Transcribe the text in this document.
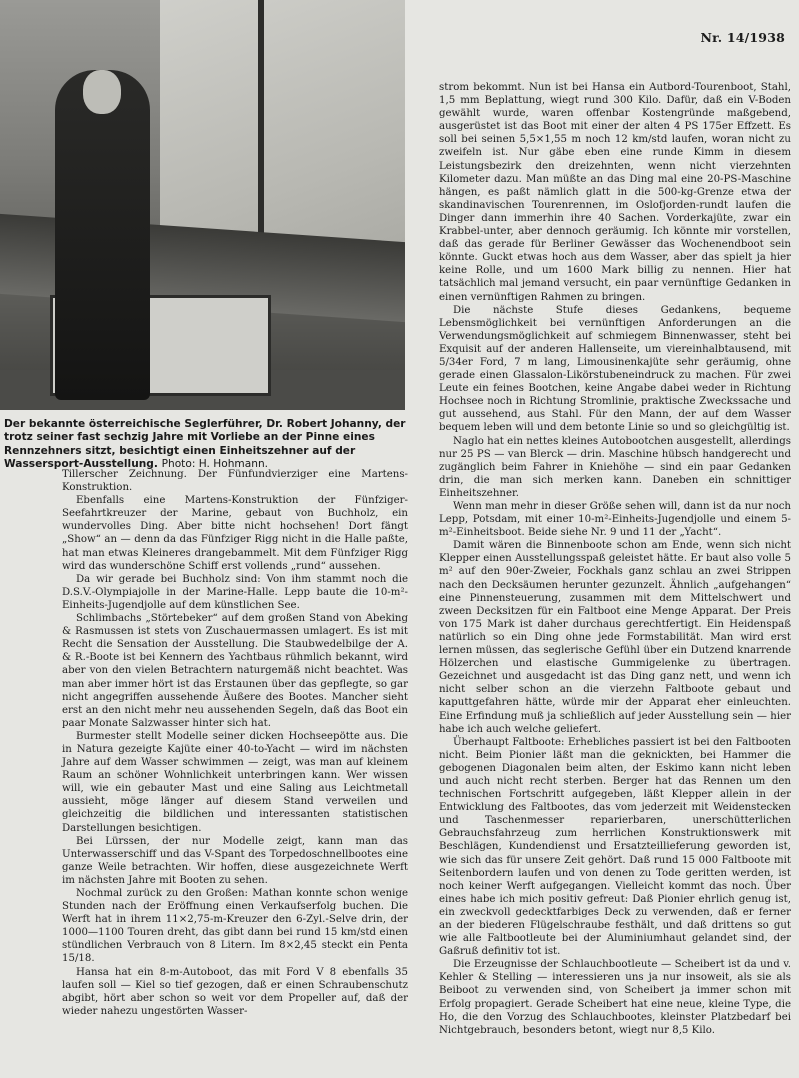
Nr. 14/1938
Der bekannte österreichische Seglerführer, Dr. Robert Johanny, der trotz seiner fast sechzig Jahre mit Vorliebe an der Pinne eines Rennzehners sitzt, besichtigt einen Einheitszehner auf der Wassersport-Ausstellung. Photo: H. Hohmann.

Tillerscher Zeichnung. Der Fünfundvierziger eine Martens-Konstruktion.

Ebenfalls eine Martens-Konstruktion der Fünfziger-Seefahrtkreuzer der Marine, gebaut von Buchholz, ein wundervolles Ding. Aber bitte nicht hochsehen! Dort fängt „Show“ an — denn da das Fünfziger Rigg nicht in die Halle paßte, hat man etwas Kleineres drangebammelt. Mit dem Fünfziger Rigg wird das wunderschöne Schiff erst vollends „rund“ aussehen.

Da wir gerade bei Buchholz sind: Von ihm stammt noch die D.S.V.-Olympiajolle in der Marine-Halle. Lepp baute die 10-m²-Einheits-Jugendjolle auf dem künstlichen See.

Schlimbachs „Störtebeker“ auf dem großen Stand von Abeking & Rasmussen ist stets von Zuschauermassen umlagert. Es ist mit Recht die Sensation der Ausstellung. Die Staubwedelbilge der A. & R.-Boote ist bei Kennern des Yachtbaus rühmlich bekannt, wird aber von den vielen Betrachtern naturgemäß nicht beachtet. Was man aber immer hört ist das Erstaunen über das gepflegte, so gar nicht angegriffen aussehende Äußere des Bootes. Mancher sieht erst an den nicht mehr neu aussehenden Segeln, daß das Boot ein paar Monate Salzwasser hinter sich hat.

Burmester stellt Modelle seiner dicken Hochseepötte aus. Die in Natura gezeigte Kajüte einer 40-to-Yacht — wird im nächsten Jahre auf dem Wasser schwimmen — zeigt, was man auf kleinem Raum an schöner Wohnlichkeit unterbringen kann. Wer wissen will, wie ein gebauter Mast und eine Saling aus Leichtmetall aussieht, möge länger auf diesem Stand verweilen und gleichzeitig die bildlichen und interessanten statistischen Darstellungen besichtigen.

Bei Lürssen, der nur Modelle zeigt, kann man das Unterwasserschiff und das V-Spant des Torpedoschnellbootes eine ganze Weile betrachten. Wir hoffen, diese ausgezeichnete Werft im nächsten Jahre mit Booten zu sehen.

Nochmal zurück zu den Großen: Mathan konnte schon wenige Stunden nach der Eröffnung einen Verkaufserfolg buchen. Die Werft hat in ihrem 11×2,75-m-Kreuzer den 6-Zyl.-Selve drin, der 1000—1100 Touren dreht, das gibt dann bei rund 15 km/std einen stündlichen Verbrauch von 8 Litern. Im 8×2,45 steckt ein Penta 15/18.

Hansa hat ein 8-m-Autoboot, das mit Ford V 8 ebenfalls 35 laufen soll — Kiel so tief gezogen, daß er einen Schraubenschutz abgibt, hört aber schon so weit vor dem Propeller auf, daß der wieder nahezu ungestörten Wasser-

strom bekommt. Nun ist bei Hansa ein Autbord-Tourenboot, Stahl, 1,5 mm Beplattung, wiegt rund 300 Kilo. Dafür, daß ein V-Boden gewählt wurde, waren offenbar Kostengründe maßgebend, ausgerüstet ist das Boot mit einer der alten 4 PS 175er Effzett. Es soll bei seinen 5,5×1,55 m noch 12 km/std laufen, woran nicht zu zweifeln ist. Nur gäbe eben eine runde Kimm in diesem Leistungsbezirk den dreizehnten, wenn nicht vierzehnten Kilometer dazu. Man müßte an das Ding mal eine 20-PS-Maschine hängen, es paßt nämlich glatt in die 500-kg-Grenze etwa der skandinavischen Tourenrennen, im Oslofjorden-rundt laufen die Dinger dann immerhin ihre 40 Sachen. Vorderkajüte, zwar ein Krabbel-unter, aber dennoch geräumig. Ich könnte mir vorstellen, daß das gerade für Berliner Gewässer das Wochenendboot sein könnte. Guckt etwas hoch aus dem Wasser, aber das spielt ja hier keine Rolle, und um 1600 Mark billig zu nennen. Hier hat tatsächlich mal jemand versucht, ein paar vernünftige Gedanken in einen vernünftigen Rahmen zu bringen.

Die nächste Stufe dieses Gedankens, bequeme Lebensmöglichkeit bei vernünftigen Anforderungen an die Verwendungsmöglichkeit auf schmiegem Binnenwasser, steht bei Exquisit auf der anderen Hallenseite, um viereinhalbtausend, mit 5/34er Ford, 7 m lang, Limousinenkajüte sehr geräumig, ohne gerade einen Glassalon-Likörstubeneindruck zu machen. Für zwei Leute ein feines Bootchen, keine Angabe dabei weder in Richtung Hochsee noch in Richtung Stromlinie, praktische Zweckssache und gut aussehend, aus Stahl. Für den Mann, der auf dem Wasser bequem leben will und dem betonte Linie so und so gleichgültig ist.

Naglo hat ein nettes kleines Autobootchen ausgestellt, allerdings nur 25 PS — van Blerck — drin. Maschine hübsch handgerecht und zugänglich beim Fahrer in Kniehöhe — sind ein paar Gedanken drin, die man sich merken kann. Daneben ein schnittiger Einheitszehner.

Wenn man mehr in dieser Größe sehen will, dann ist da nur noch Lepp, Potsdam, mit einer 10-m²-Einheits-Jugendjolle und einem 5-m²-Einheitsboot. Beide siehe Nr. 9 und 11 der „Yacht“.

Damit wären die Binnenboote schon am Ende, wenn sich nicht Klepper einen Ausstellungsspaß geleistet hätte. Er baut also volle 5 m² auf den 90er-Zweier, Fockhals ganz schlau an zwei Strippen nach den Decksäumen herunter gezunzelt. Ähnlich „aufgehangen“ eine Pinnensteuerung, zusammen mit dem Mittelschwert und zween Decksitzen für ein Faltboot eine Menge Apparat. Der Preis von 175 Mark ist daher durchaus gerechtfertigt. Ein Heidenspaß natürlich so ein Ding ohne jede Formstabilität. Man wird erst lernen müssen, das seglerische Gefühl über ein Dutzend knarrende Hölzerchen und elastische Gummigelenke zu übertragen. Gezeichnet und ausgedacht ist das Ding ganz nett, und wenn ich nicht selber schon an die vierzehn Faltboote gebaut und kaputtgefahren hätte, würde mir der Apparat eher einleuchten. Eine Erfindung muß ja schließlich auf jeder Ausstellung sein — hier habe ich auch welche geliefert.

Überhaupt Faltboote: Erhebliches passiert ist bei den Faltbooten nicht. Beim Pionier läßt man die geknickten, bei Hammer die gebogenen Diagonalen beim alten, der Eskimo kann nicht leben und auch nicht recht sterben. Berger hat das Rennen um den technischen Fortschritt aufgegeben, läßt Klepper allein in der Entwicklung des Faltbootes, das vom jederzeit mit Weidenstecken und Taschenmesser reparierbaren, unerschütterlichen Gebrauchsfahrzeug zum herrlichen Konstruktionswerk mit Beschlägen, Kundendienst und Ersatzteillieferung geworden ist, wie sich das für unsere Zeit gehört. Daß rund 15 000 Faltboote mit Seitenbordern laufen und von denen zu Tode geritten werden, ist noch keiner Werft aufgegangen. Vielleicht kommt das noch. Über eines habe ich mich positiv gefreut: Daß Pionier ehrlich genug ist, ein zweckvoll gedecktfarbiges Deck zu verwenden, daß er ferner an der biederen Flügelschraube festhält, und daß drittens so gut wie alle Faltbootleute bei der Aluminiumhaut gelandet sind, der Gaßruß definitiv tot ist.

Die Erzeugnisse der Schlauchbootleute — Scheibert ist da und v. Kehler & Stelling — interessieren uns ja nur insoweit, als sie als Beiboot zu verwenden sind, von Scheibert ja immer schon mit Erfolg propagiert. Gerade Scheibert hat eine neue, kleine Type, die Ho, die den Vorzug des Schlauchbootes, kleinster Platzbedarf bei Nichtgebrauch, besonders betont, wiegt nur 8,5 Kilo.
